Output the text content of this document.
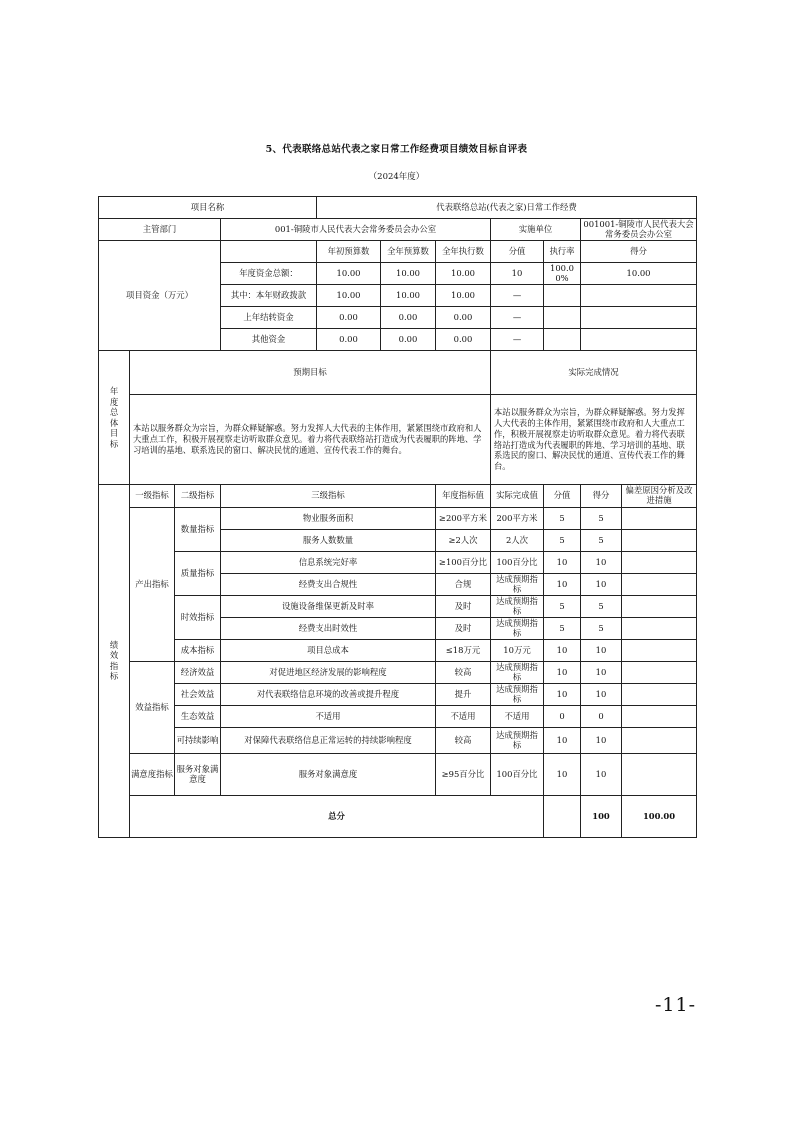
5、代表联络总站代表之家日常工作经费项目绩效目标自评表
（2024年度）
项目名称				代表联络总站(代表之家)日常工作经费							
主管部门			001-铜陵市人民代表大会常务委员会办公室				实施单位		001001-铜陵市人民代表大会常务委员会办公室		
项目资金（万元）				年初预算数	全年预算数	全年执行数	分值	执行率	得分		
			年度资金总额：	10.00	10.00	10.00	10	100.00%	10.00		
			其中：本年财政拨款	10.00	10.00	10.00	—				
			上年结转资金	0.00	0.00	0.00	—				
			其他资金	0.00	0.00	0.00	—				
年度总体目标	预期目标						实际完成情况				
	本站以服务群众为宗旨，为群众释疑解惑。努力发挥人大代表的主体作用，紧紧围绕市政府和人大重点工作，积极开展视察走访听取群众意见。着力将代表联络站打造成为代表履职的阵地、学习培训的基地、联系选民的窗口、解决民忧的通道、宣传代表工作的舞台。						本站以服务群众为宗旨，为群众释疑解惑。努力发挥人大代表的主体作用，紧紧围绕市政府和人大重点工作，积极开展视察走访听取群众意见。着力将代表联络站打造成为代表履职的阵地、学习培训的基地、联系选民的窗口、解决民忧的通道、宣传代表工作的舞台。				
绩效指标	一级指标	二级指标	三级指标			年度指标值	实际完成值	分值	得分	偏差原因分析及改进措施	
	产出指标	数量指标	物业服务面积			≥200平方米	200平方米	5	5		
			服务人数数量			≥2人次	2人次	5	5		
		质量指标	信息系统完好率			≥100百分比	100百分比	10	10		
			经费支出合规性			合规	达成预期指标	10	10		
		时效指标	设施设备维保更新及时率			及时	达成预期指标	5	5		
			经费支出时效性			及时	达成预期指标	5	5		
		成本指标	项目总成本			≤18万元	10万元	10	10		
	效益指标	经济效益	对促进地区经济发展的影响程度			较高	达成预期指标	10	10		
		社会效益	对代表联络信息环境的改善或提升程度			提升	达成预期指标	10	10		
		生态效益	不适用			不适用	不适用	0	0		
		可持续影响	对保障代表联络信息正常运转的持续影响程度			较高	达成预期指标	10	10		
	满意度指标	服务对象满意度	服务对象满意度			≥95百分比	100百分比	10	10		
	总分								100	100.00	
-11-
